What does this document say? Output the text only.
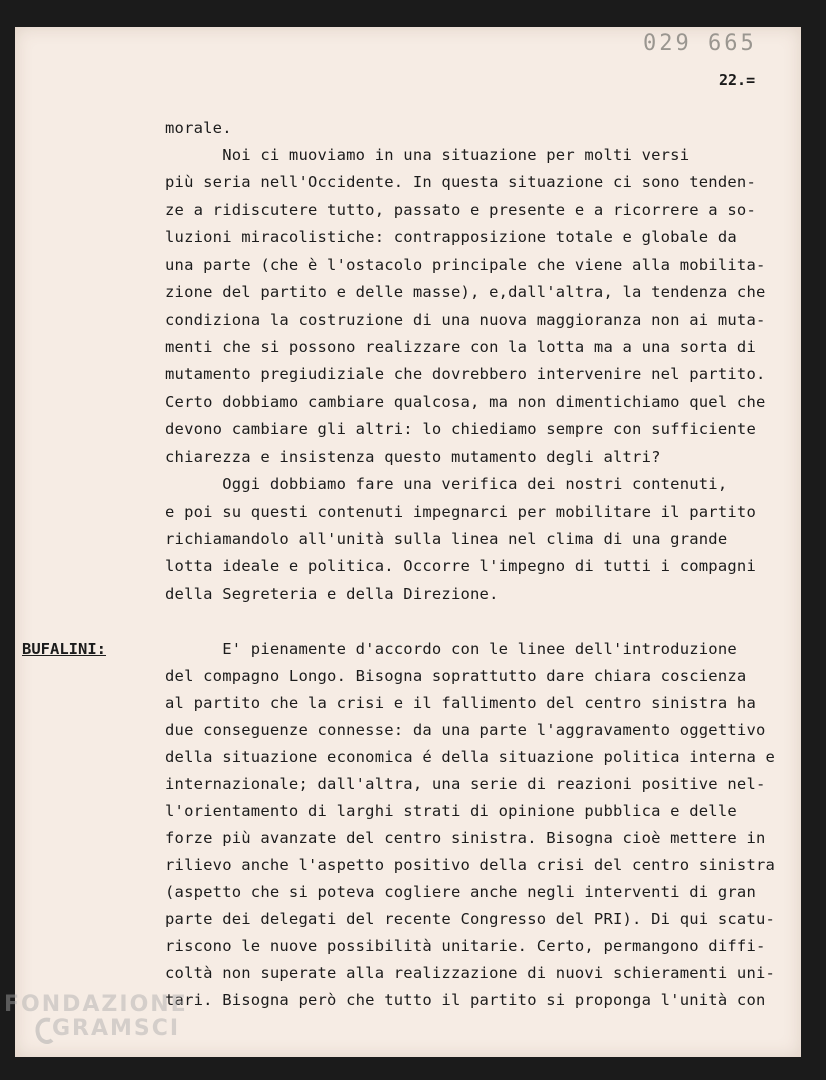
029 665
22.=
morale.
Noi ci muoviamo in una situazione per molti versi
più seria nell'Occidente. In questa situazione ci sono tenden-
ze a ridiscutere tutto, passato e presente e a ricorrere a so-
luzioni miracolistiche: contrapposizione totale e globale da
una parte (che è l'ostacolo principale che viene alla mobilita-
zione del partito e delle masse), e,dall'altra, la tendenza che
condiziona la costruzione di una nuova maggioranza non ai muta-
menti che si possono realizzare con la lotta ma a una sorta di
mutamento pregiudiziale che dovrebbero intervenire nel partito.
Certo dobbiamo cambiare qualcosa, ma non dimentichiamo quel che
devono cambiare gli altri: lo chiediamo sempre con sufficiente
chiarezza e insistenza questo mutamento degli altri?
Oggi dobbiamo fare una verifica dei nostri contenuti,
e poi su questi contenuti impegnarci per mobilitare il partito
richiamandolo all'unità sulla linea nel clima di una grande
lotta ideale e politica. Occorre l'impegno di tutti i compagni
della Segreteria e della Direzione.
BUFALINI:	E' pienamente d'accordo con le linee dell'introduzione
del compagno Longo. Bisogna soprattutto dare chiara coscienza
al partito che la crisi e il fallimento del centro sinistra ha
due conseguenze connesse: da una parte l'aggravamento oggettivo
della situazione economica é della situazione politica interna e
internazionale; dall'altra, una serie di reazioni positive nel-
l'orientamento di larghi strati di opinione pubblica e delle
forze più avanzate del centro sinistra. Bisogna cioè mettere in
rilievo anche l'aspetto positivo della crisi del centro sinistra
(aspetto che si poteva cogliere anche negli interventi di gran
parte dei delegati del recente Congresso del PRI). Di qui scatu-
riscono le nuove possibilità unitarie. Certo, permangono diffi-
coltà non superate alla realizzazione di nuovi schieramenti uni-
tari. Bisogna però che tutto il partito si proponga l'unità con
FONDAZIONE
GRAMSCI
